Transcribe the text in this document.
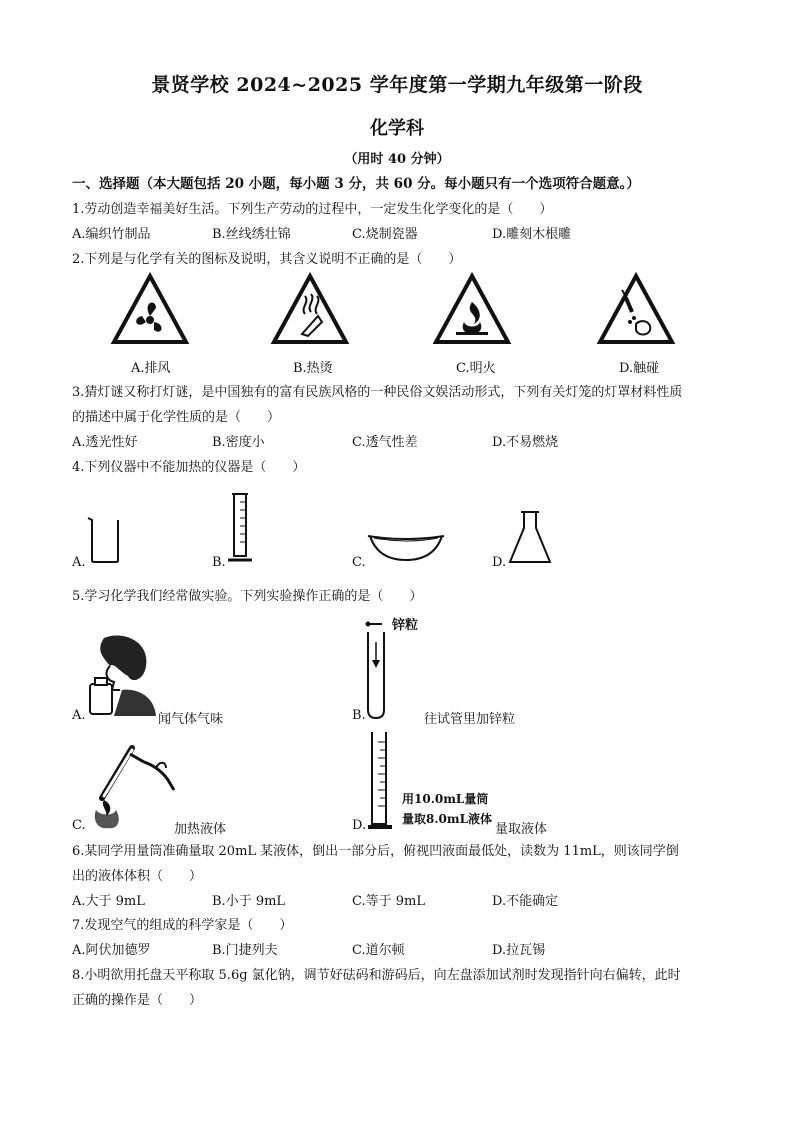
景贤学校 2024~2025 学年度第一学期九年级第一阶段
化学科
（用时 40 分钟）
一、选择题（本大题包括 20 小题，每小题 3 分，共 60 分。每小题只有一个选项符合题意。）
1.劳动创造幸福美好生活。下列生产劳动的过程中，一定发生化学变化的是（　　）
A.编织竹制品	B.丝线绣壮锦	C.烧制瓷器	D.雕刻木根雕
2.下列是与化学有关的图标及说明，其含义说明不正确的是（　　）
A.排风	B.热烫	C.明火	D.触碰
3.猜灯谜又称打灯谜，是中国独有的富有民族风格的一种民俗文娱活动形式，下列有关灯笼的灯罩材料性质
的描述中属于化学性质的是（　　）
A.透光性好	B.密度小	C.透气性差	D.不易燃烧
4.下列仪器中不能加热的仪器是（　　）
A.	B.	C.	D.
5.学习化学我们经常做实验。下列实验操作正确的是（　　）
A.	闻气体气味
锌粒
B.	往试管里加锌粒
C.	加热液体
用10.0mL量筒
量取8.0mL液体
D.	量取液体
6.某同学用量筒准确量取 20mL 某液体，倒出一部分后，俯视凹液面最低处，读数为 11mL，则该同学倒
出的液体体积（　　）
A.大于 9mL	B.小于 9mL	C.等于 9mL	D.不能确定
7.发现空气的组成的科学家是（　　）
A.阿伏加德罗	B.门捷列夫	C.道尔顿	D.拉瓦锡
8.小明欲用托盘天平称取 5.6g 氯化钠，调节好砝码和游码后，向左盘添加试剂时发现指针向右偏转，此时
正确的操作是（　　）
